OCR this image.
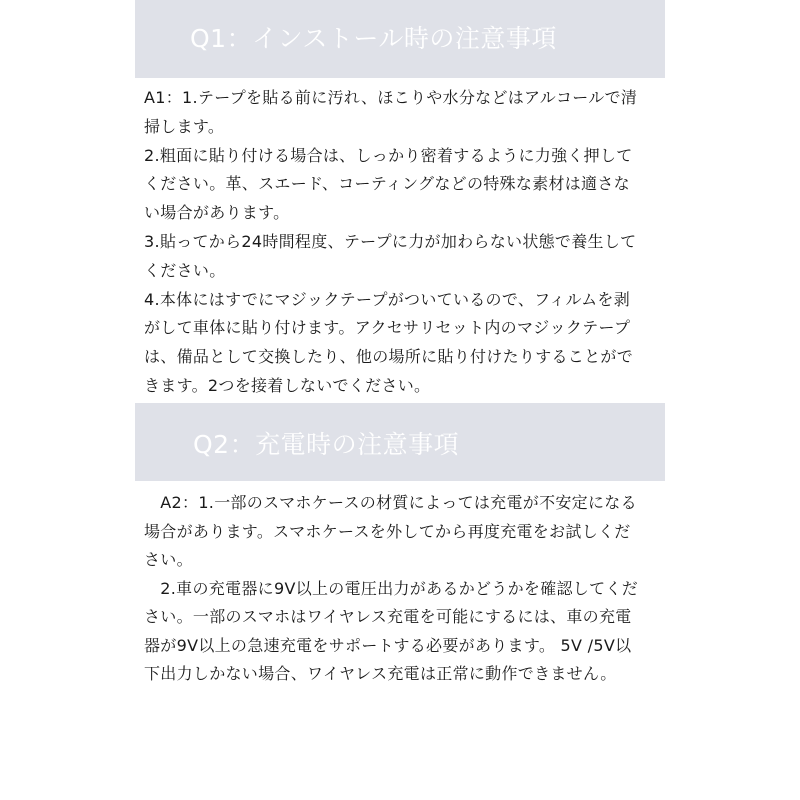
Q1：インストール時の注意事項

A1：1.テープを貼る前に汚れ、ほこりや水分などはアルコールで清

掃します。

2.粗面に貼り付ける場合は、しっかり密着するように力強く押して

ください。革、スエード、コーティングなどの特殊な素材は適さな

い場合があります。

3.貼ってから24時間程度、テープに力が加わらない状態で養生して

ください。

4.本体にはすでにマジックテープがついているので、フィルムを剥

がして車体に貼り付けます。アクセサリセット内のマジックテープ

は、備品として交換したり、他の場所に貼り付けたりすることがで

きます。2つを接着しないでください。

Q2：充電時の注意事項

　A2：1.一部のスマホケースの材質によっては充電が不安定になる

場合があります。スマホケースを外してから再度充電をお試しくだ

さい。

　2.車の充電器に9V以上の電圧出力があるかどうかを確認してくだ

さい。一部のスマホはワイヤレス充電を可能にするには、車の充電

器が9V以上の急速充電をサポートする必要があります。 5V /5V以

下出力しかない場合、ワイヤレス充電は正常に動作できません。
